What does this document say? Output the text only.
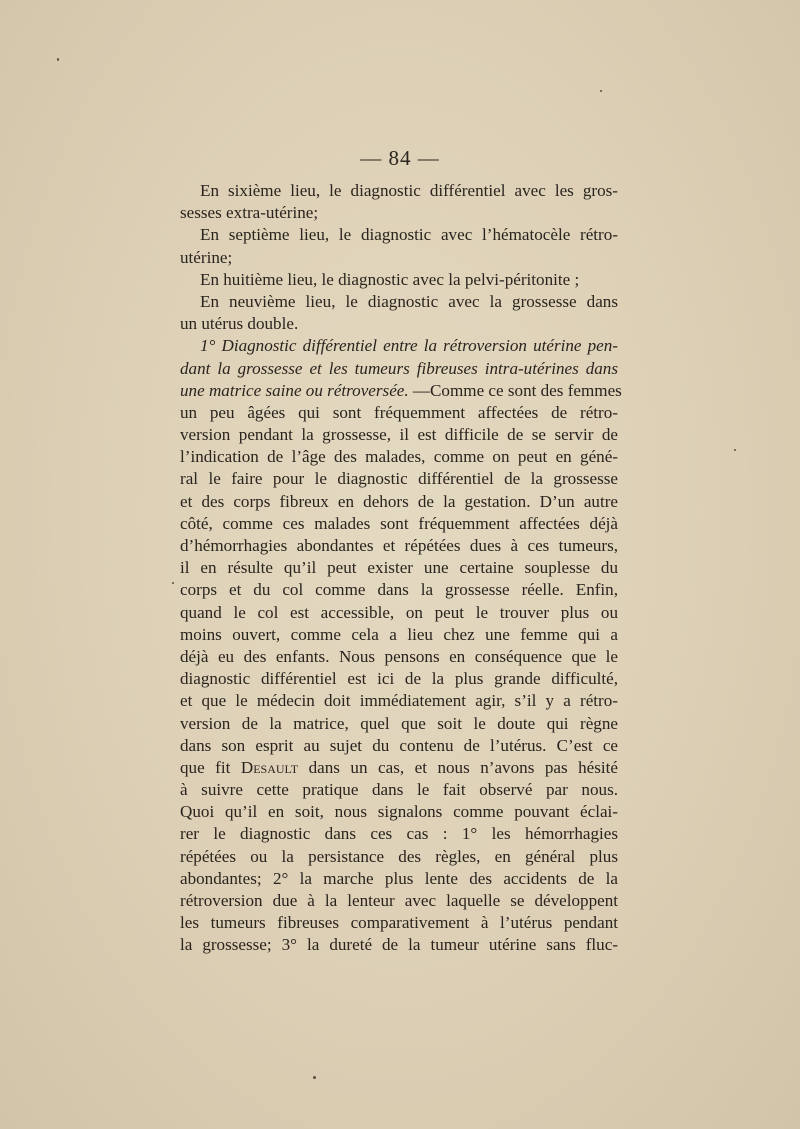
— 84 —
En sixième lieu, le diagnostic différentiel avec les gros-
sesses extra-utérine;
En septième lieu, le diagnostic avec l’hématocèle rétro-
utérine;
En huitième lieu, le diagnostic avec la pelvi-péritonite ;
En neuvième lieu, le diagnostic avec la grossesse dans
un utérus double.
1° Diagnostic différentiel entre la rétroversion utérine pen-
dant la grossesse et les tumeurs fibreuses intra-utérines dans
une matrice saine ou rétroversée. —Comme ce sont des femmes
un peu âgées qui sont fréquemment affectées de rétro-
version pendant la grossesse, il est difficile de se servir de
l’indication de l’âge des malades, comme on peut en géné-
ral le faire pour le diagnostic différentiel de la grossesse
et des corps fibreux en dehors de la gestation. D’un autre
côté, comme ces malades sont fréquemment affectées déjà
d’hémorrhagies abondantes et répétées dues à ces tumeurs,
il en résulte qu’il peut exister une certaine souplesse du
corps et du col comme dans la grossesse réelle. Enfin,
quand le col est accessible, on peut le trouver plus ou
moins ouvert, comme cela a lieu chez une femme qui a
déjà eu des enfants. Nous pensons en conséquence que le
diagnostic différentiel est ici de la plus grande difficulté,
et que le médecin doit immédiatement agir, s’il y a rétro-
version de la matrice, quel que soit le doute qui règne
dans son esprit au sujet du contenu de l’utérus. C’est ce
que fit Desault dans un cas, et nous n’avons pas hésité
à suivre cette pratique dans le fait observé par nous.
Quoi qu’il en soit, nous signalons comme pouvant éclai-
rer le diagnostic dans ces cas : 1° les hémorrhagies
répétées ou la persistance des règles, en général plus
abondantes; 2° la marche plus lente des accidents de la
rétroversion due à la lenteur avec laquelle se développent
les tumeurs fibreuses comparativement à l’utérus pendant
la grossesse; 3° la dureté de la tumeur utérine sans fluc-
